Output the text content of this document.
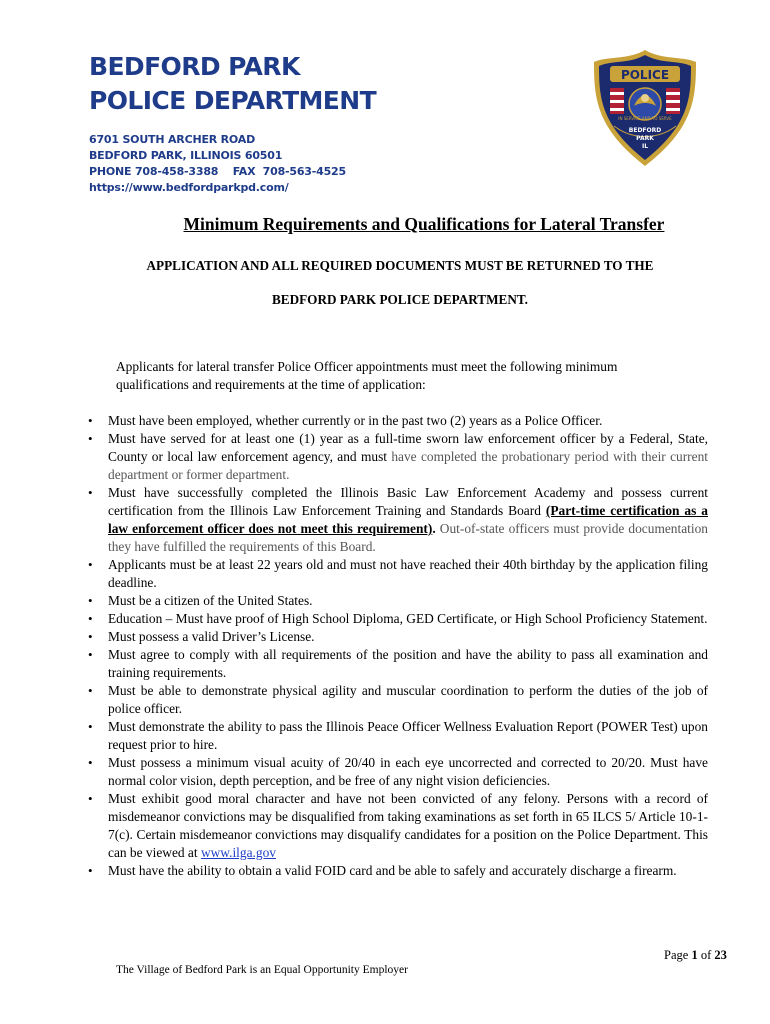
BEDFORD PARK
POLICE DEPARTMENT
6701 SOUTH ARCHER ROAD
BEDFORD PARK, ILLINOIS 60501
PHONE 708-458-3388    FAX  708-563-4525
https://www.bedfordparkpd.com/
POLICE
BEDFORD
PARK
IL
IN SERVICE AND TO SERVE
Minimum Requirements and Qualifications for Lateral Transfer
APPLICATION AND ALL REQUIRED DOCUMENTS MUST BE RETURNED TO THE
BEDFORD PARK POLICE DEPARTMENT.
Applicants for lateral transfer Police Officer appointments must meet the following minimum qualifications and requirements at the time of application:
• Must have been employed, whether currently or in the past two (2) years as a Police Officer.
• Must have served for at least one (1) year as a full-time sworn law enforcement officer by a Federal, State, County or local law enforcement agency, and must have completed the probationary period with their current department or former department.
• Must have successfully completed the Illinois Basic Law Enforcement Academy and possess current certification from the Illinois Law Enforcement Training and Standards Board (Part-time certification as a law enforcement officer does not meet this requirement). Out-of-state officers must provide documentation they have fulfilled the requirements of this Board.
• Applicants must be at least 22 years old and must not have reached their 40th birthday by the application filing deadline.
• Must be a citizen of the United States.
• Education – Must have proof of High School Diploma, GED Certificate, or High School Proficiency Statement.
• Must possess a valid Driver’s License.
• Must agree to comply with all requirements of the position and have the ability to pass all examination and training requirements.
• Must be able to demonstrate physical agility and muscular coordination to perform the duties of the job of police officer.
• Must demonstrate the ability to pass the Illinois Peace Officer Wellness Evaluation Report (POWER Test) upon request prior to hire.
• Must possess a minimum visual acuity of 20/40 in each eye uncorrected and corrected to 20/20. Must have normal color vision, depth perception, and be free of any night vision deficiencies.
• Must exhibit good moral character and have not been convicted of any felony. Persons with a record of misdemeanor convictions may be disqualified from taking examinations as set forth in 65 ILCS 5/ Article 10-1-7(c). Certain misdemeanor convictions may disqualify candidates for a position on the Police Department. This can be viewed at www.ilga.gov
• Must have the ability to obtain a valid FOID card and be able to safely and accurately discharge a firearm.
Page 1 of 23
The Village of Bedford Park is an Equal Opportunity Employer
